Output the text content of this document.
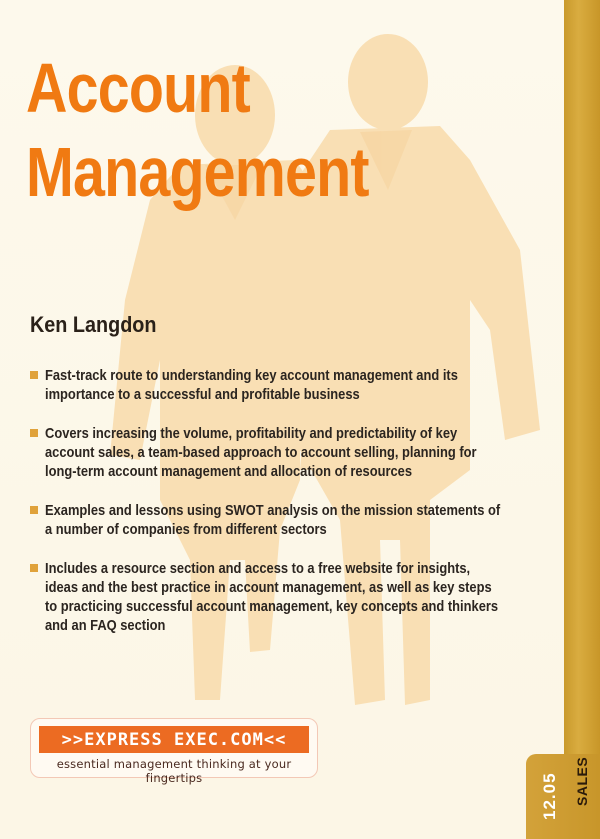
Account
Management
Ken Langdon
Fast-track route to understanding key account management and its importance to a successful and profitable business
Covers increasing the volume, profitability and predictability of key account sales, a team-based approach to account selling, planning for long-term account management and allocation of resources
Examples and lessons using SWOT analysis on the mission statements of a number of companies from different sectors
Includes a resource section and access to a free website for insights, ideas and the best practice in account management, as well as key steps to practicing successful account management, key concepts and thinkers and an FAQ section
>>EXPRESS EXEC.COM<<
essential management thinking at your fingertips	12.05 SALES
